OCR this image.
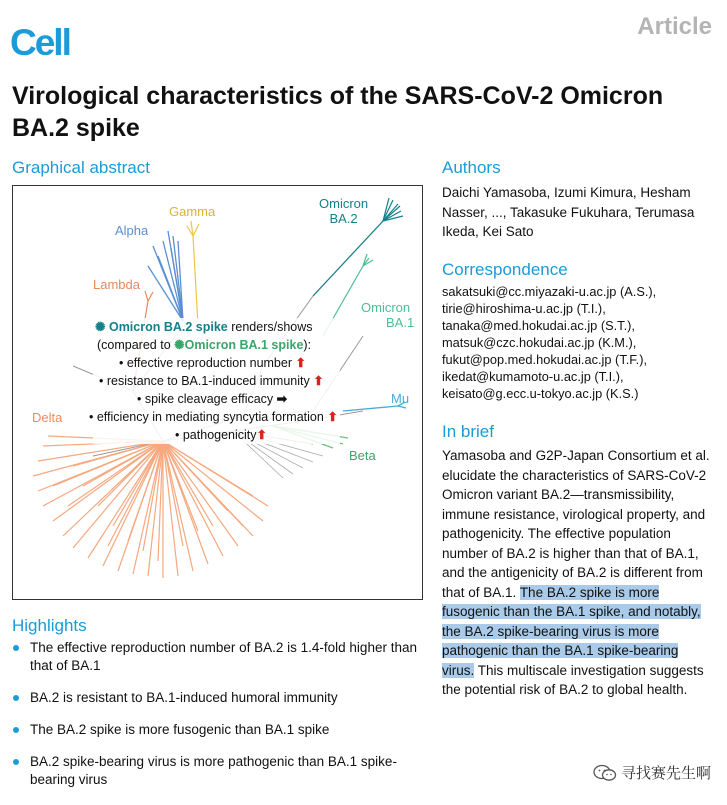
Cell	Article
Virological characteristics of the SARS-CoV-2 Omicron BA.2 spike
Graphical abstract
Omicron
BA.2
Gamma
Alpha
Lambda
Omicron
BA.1
Delta
Mu
Beta
✺ Omicron BA.2 spike renders/shows
(compared to ✺Omicron BA.1 spike):
• effective reproduction number ⬆
• resistance to BA.1-induced immunity ⬆
• spike cleavage efficacy ➡
• efficiency in mediating syncytia formation ⬆
• pathogenicity⬆
Highlights
The effective reproduction number of BA.2 is 1.4-fold higher than that of BA.1
BA.2 is resistant to BA.1-induced humoral immunity
The BA.2 spike is more fusogenic than BA.1 spike
BA.2 spike-bearing virus is more pathogenic than BA.1 spike-bearing virus
Authors
Daichi Yamasoba, Izumi Kimura, Hesham Nasser, ..., Takasuke Fukuhara, Terumasa Ikeda, Kei Sato
Correspondence
sakatsuki@cc.miyazaki-u.ac.jp (A.S.),
tirie@hiroshima-u.ac.jp (T.I.),
tanaka@med.hokudai.ac.jp (S.T.),
matsuk@czc.hokudai.ac.jp (K.M.),
fukut@pop.med.hokudai.ac.jp (T.F.),
ikedat@kumamoto-u.ac.jp (T.I.),
keisato@g.ecc.u-tokyo.ac.jp (K.S.)
In brief
Yamasoba and G2P-Japan Consortium et al. elucidate the characteristics of SARS-CoV-2 Omicron variant BA.2—transmissibility, immune resistance, virological property, and pathogenicity. The effective population number of BA.2 is higher than that of BA.1, and the antigenicity of BA.2 is different from that of BA.1. The BA.2 spike is more fusogenic than the BA.1 spike, and notably, the BA.2 spike-bearing virus is more pathogenic than the BA.1 spike-bearing virus. This multiscale investigation suggests the potential risk of BA.2 to global health.
寻找赛先生啊
